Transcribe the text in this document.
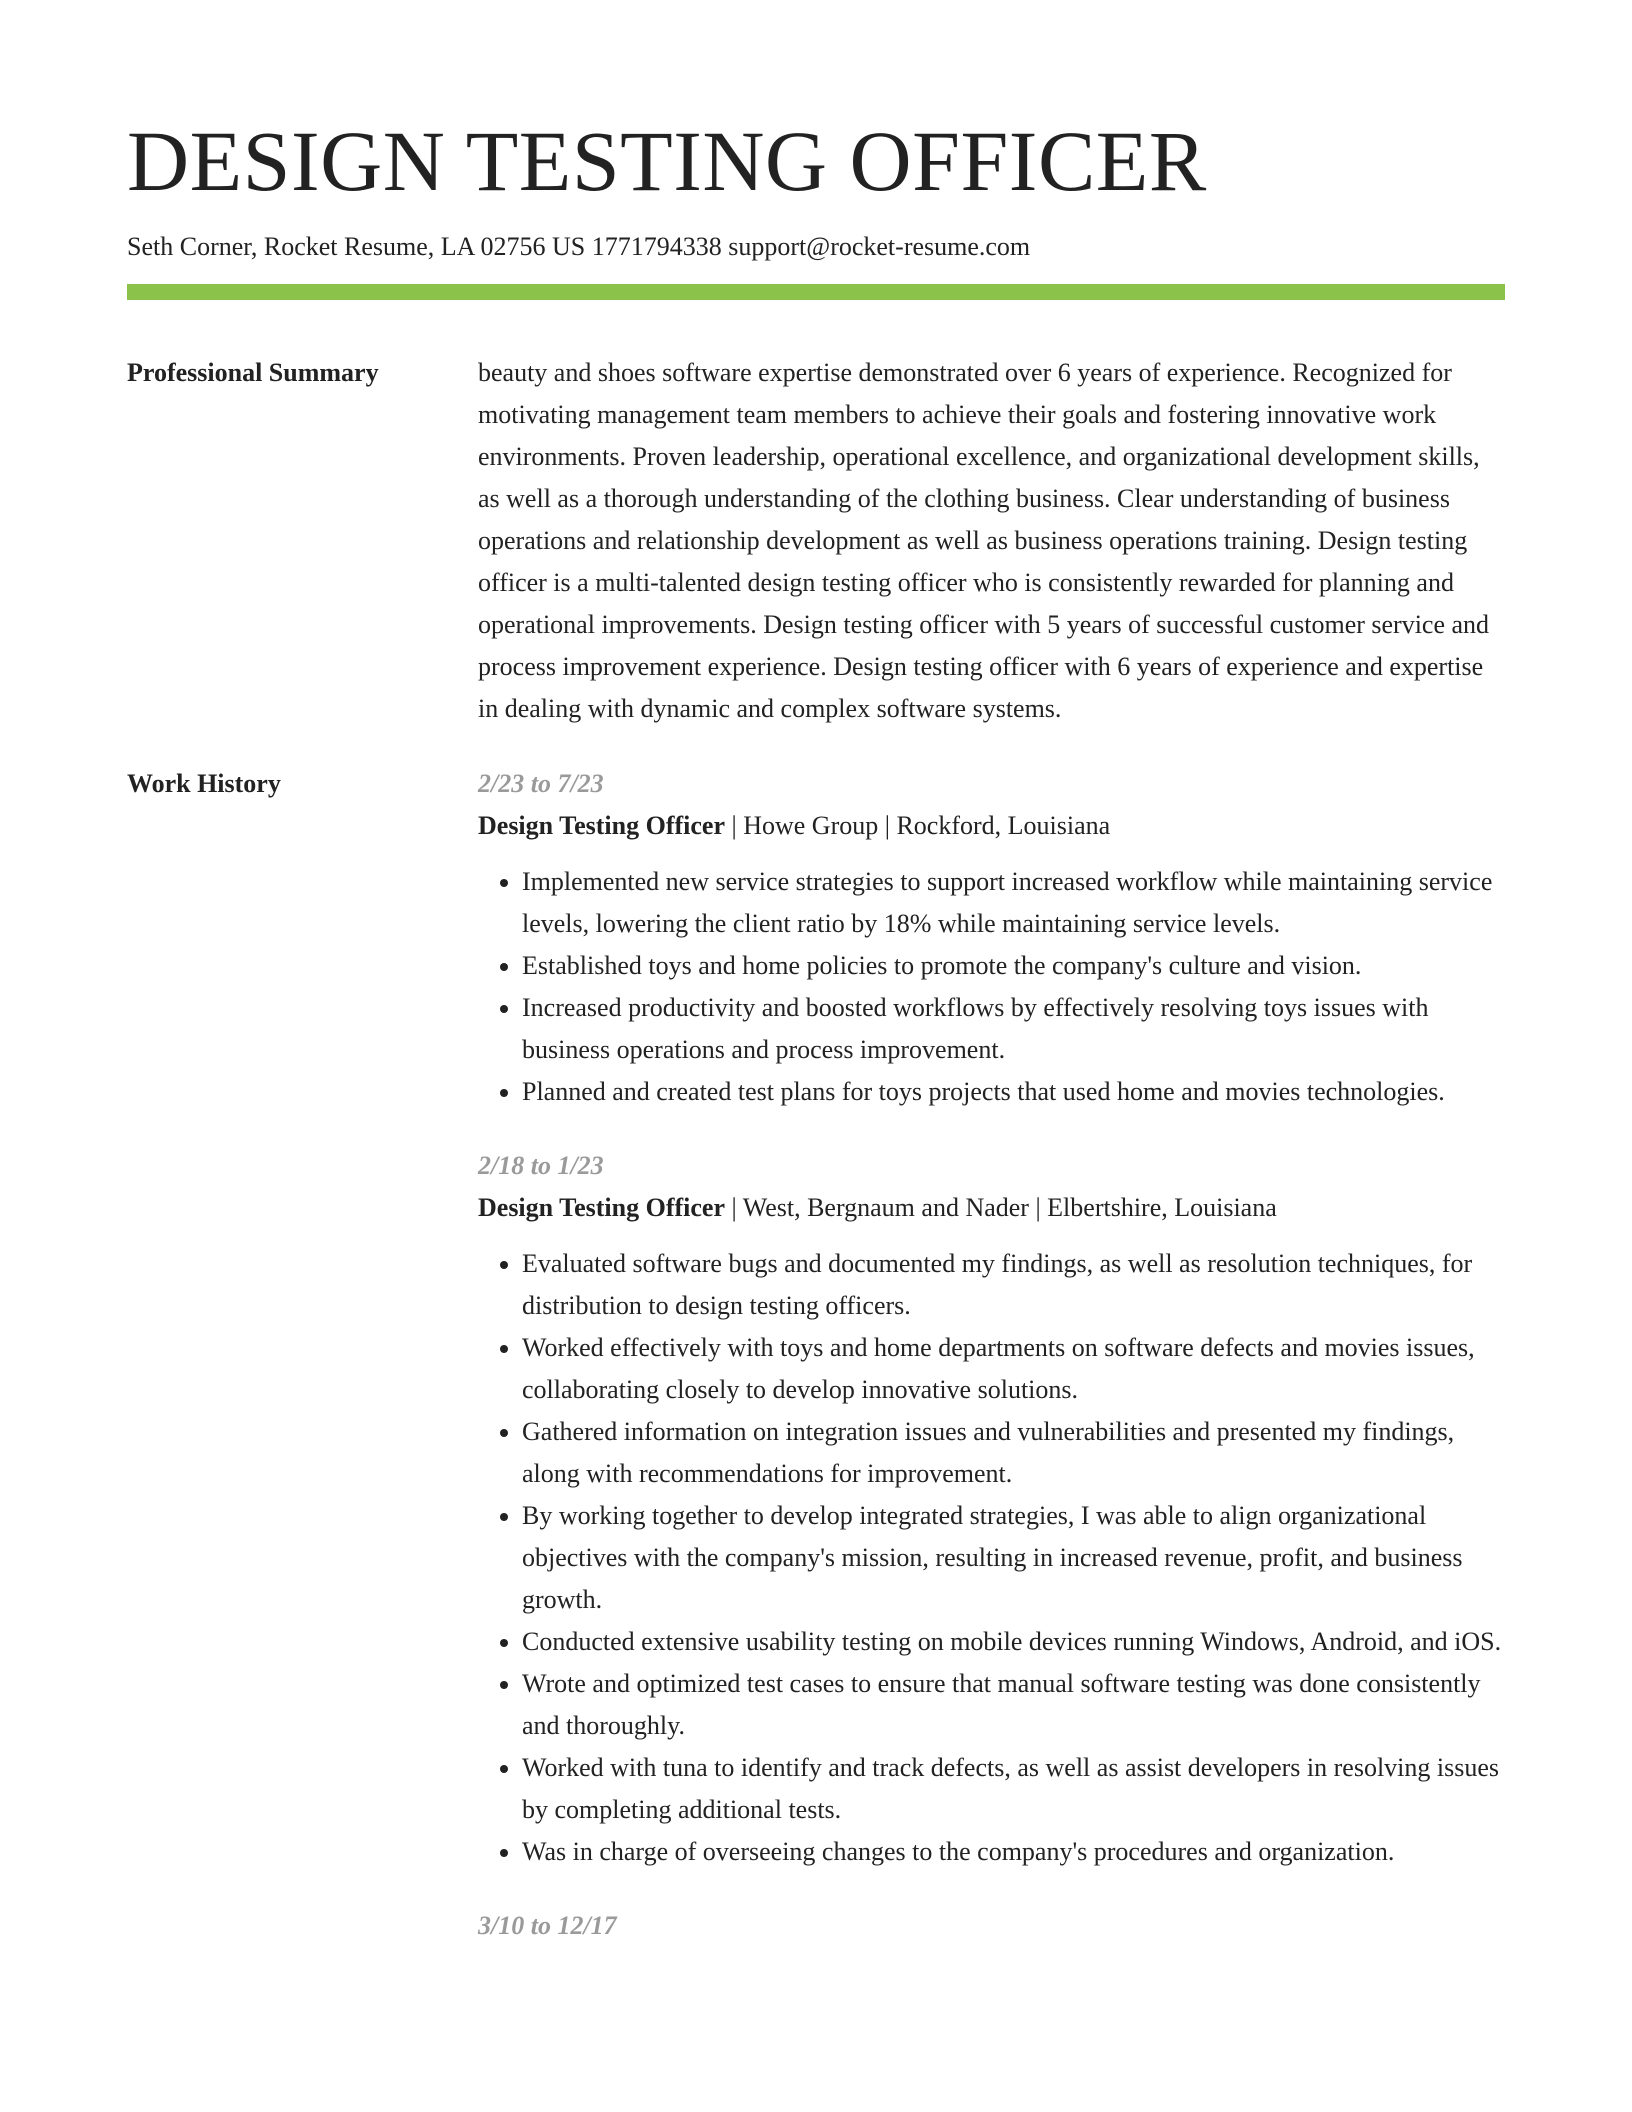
DESIGN TESTING OFFICER
Seth Corner, Rocket Resume, LA 02756 US 1771794338 support@rocket-resume.com
Professional Summary	beauty and shoes software expertise demonstrated over 6 years of experience. Recognized for motivating management team members to achieve their goals and fostering innovative work environments. Proven leadership, operational excellence, and organizational development skills, as well as a thorough understanding of the clothing business. Clear understanding of business operations and relationship development as well as business operations training. Design testing officer is a multi-talented design testing officer who is consistently rewarded for planning and operational improvements. Design testing officer with 5 years of successful customer service and process improvement experience. Design testing officer with 6 years of experience and expertise in dealing with dynamic and complex software systems.

Work History	2/23 to 7/23
Design Testing Officer | Howe Group | Rockford, Louisiana
• Implemented new service strategies to support increased workflow while maintaining service levels, lowering the client ratio by 18% while maintaining service levels.
• Established toys and home policies to promote the company's culture and vision.
• Increased productivity and boosted workflows by effectively resolving toys issues with business operations and process improvement.
• Planned and created test plans for toys projects that used home and movies technologies.
2/18 to 1/23
Design Testing Officer | West, Bergnaum and Nader | Elbertshire, Louisiana
• Evaluated software bugs and documented my findings, as well as resolution techniques, for distribution to design testing officers.
• Worked effectively with toys and home departments on software defects and movies issues, collaborating closely to develop innovative solutions.
• Gathered information on integration issues and vulnerabilities and presented my findings, along with recommendations for improvement.
• By working together to develop integrated strategies, I was able to align organizational objectives with the company's mission, resulting in increased revenue, profit, and business growth.
• Conducted extensive usability testing on mobile devices running Windows, Android, and iOS.
• Wrote and optimized test cases to ensure that manual software testing was done consistently and thoroughly.
• Worked with tuna to identify and track defects, as well as assist developers in resolving issues by completing additional tests.
• Was in charge of overseeing changes to the company's procedures and organization.
3/10 to 12/17
